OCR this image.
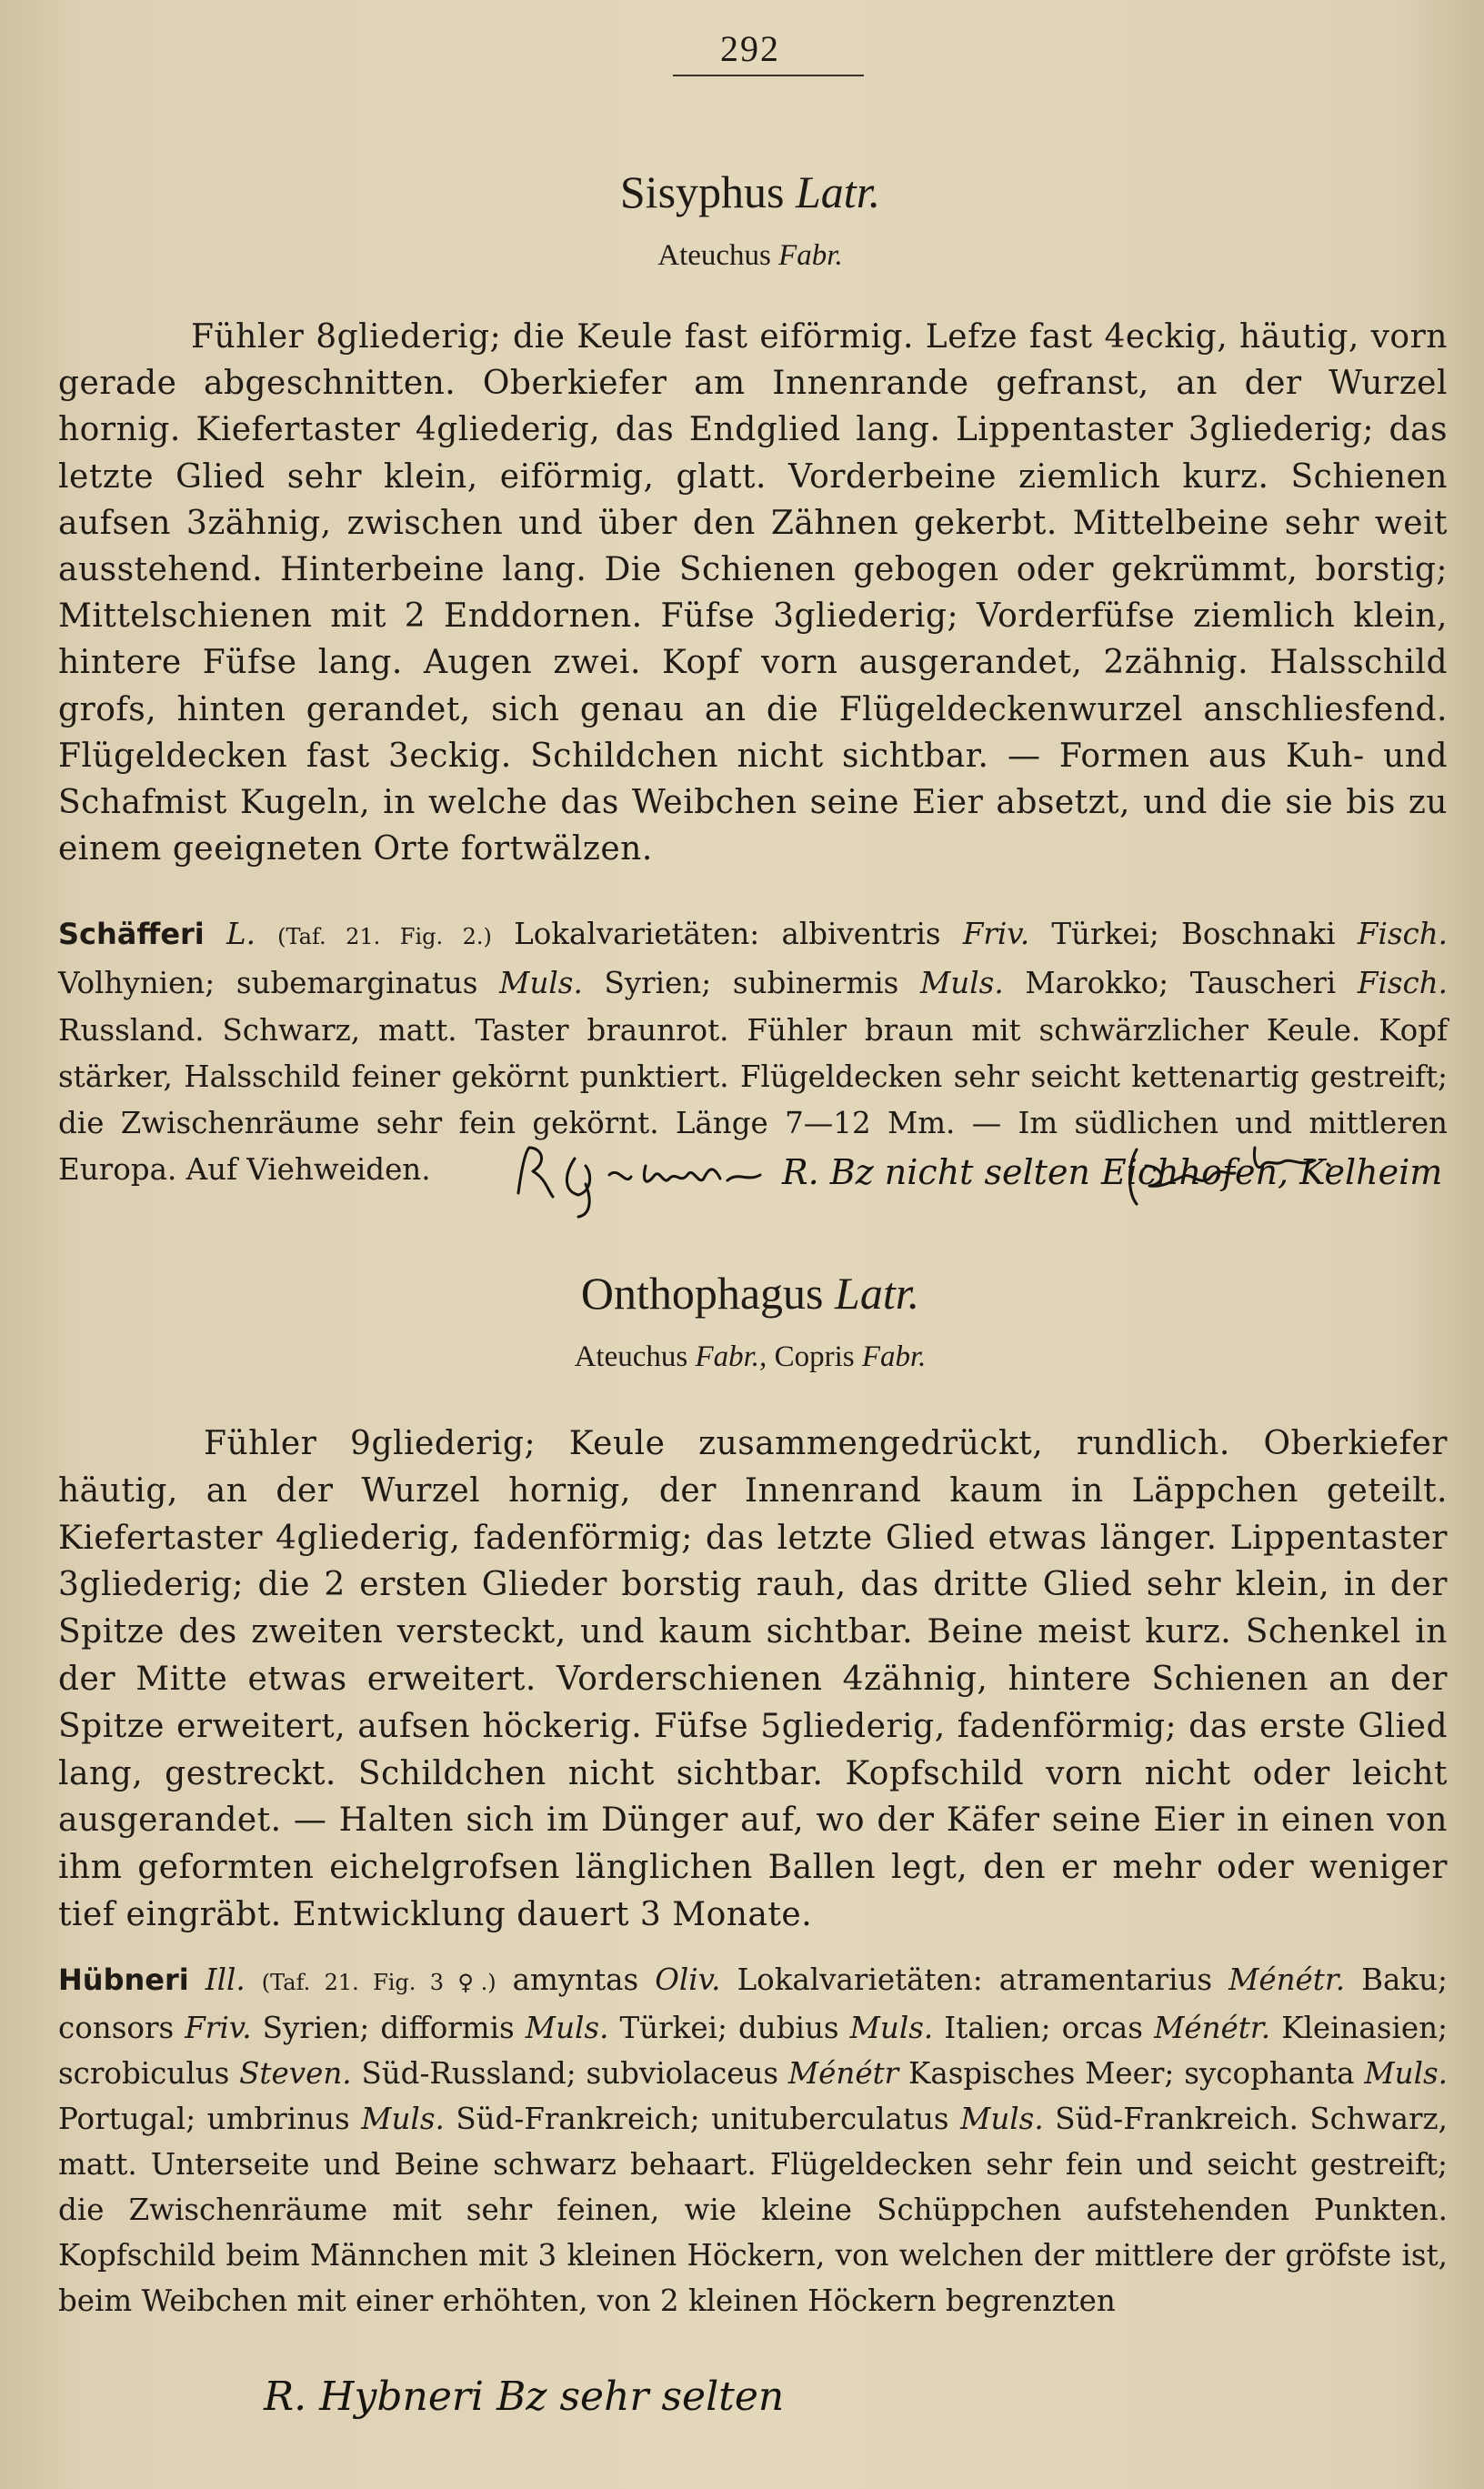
292
Sisyphus Latr.
Ateuchus Fabr.
Fühler 8gliederig; die Keule fast eiförmig. Lefze fast 4eckig, häutig, vorn gerade abgeschnitten. Oberkiefer am Innenrande gefranst, an der Wurzel hornig. Kiefertaster 4gliederig, das Endglied lang. Lippentaster 3gliederig; das letzte Glied sehr klein, eiförmig, glatt. Vorderbeine ziemlich kurz. Schienen aufsen 3zähnig, zwischen und über den Zähnen gekerbt. Mittelbeine sehr weit ausstehend. Hinterbeine lang. Die Schienen gebogen oder gekrümmt, borstig; Mittelschienen mit 2 Enddornen. Füfse 3gliederig; Vorderfüfse ziemlich klein, hintere Füfse lang. Augen zwei. Kopf vorn ausgerandet, 2zähnig. Halsschild grofs, hinten gerandet, sich genau an die Flügeldeckenwurzel anschliesfend. Flügeldecken fast 3eckig. Schildchen nicht sichtbar. — Formen aus Kuh- und Schafmist Kugeln, in welche das Weibchen seine Eier absetzt, und die sie bis zu einem geeigneten Orte fortwälzen.
Schäfferi L. (Taf. 21. Fig. 2.) Lokalvarietäten: albiventris Friv. Türkei; Boschnaki Fisch. Volhynien; subemarginatus Muls. Syrien; subinermis Muls. Marokko; Tauscheri Fisch. Russland. Schwarz, matt. Taster braunrot. Fühler braun mit schwärzlicher Keule. Kopf stärker, Halsschild feiner gekörnt punktiert. Flügeldecken sehr seicht kettenartig gestreift; die Zwischenräume sehr fein gekörnt. Länge 7—12 Mm. — Im südlichen und mittleren Europa. Auf Viehweiden.	R. Bz nicht selten Eichhofen, Kelheim
Onthophagus Latr.
Ateuchus Fabr., Copris Fabr.
Fühler 9gliederig; Keule zusammengedrückt, rundlich. Oberkiefer häutig, an der Wurzel hornig, der Innenrand kaum in Läppchen geteilt. Kiefertaster 4gliederig, fadenförmig; das letzte Glied etwas länger. Lippentaster 3gliederig; die 2 ersten Glieder borstig rauh, das dritte Glied sehr klein, in der Spitze des zweiten versteckt, und kaum sichtbar. Beine meist kurz. Schenkel in der Mitte etwas erweitert. Vorderschienen 4zähnig, hintere Schienen an der Spitze erweitert, aufsen höckerig. Füfse 5gliederig, fadenförmig; das erste Glied lang, gestreckt. Schildchen nicht sichtbar. Kopfschild vorn nicht oder leicht ausgerandet. — Halten sich im Dünger auf, wo der Käfer seine Eier in einen von ihm geformten eichelgrofsen länglichen Ballen legt, den er mehr oder weniger tief eingräbt. Entwicklung dauert 3 Monate.
Hübneri Ill. (Taf. 21. Fig. 3 ♀.) amyntas Oliv. Lokalvarietäten: atramentarius Ménétr. Baku; consors Friv. Syrien; difformis Muls. Türkei; dubius Muls. Italien; orcas Ménétr. Kleinasien; scrobiculus Steven. Süd-Russland; subviolaceus Ménétr Kaspisches Meer; sycophanta Muls. Portugal; umbrinus Muls. Süd-Frankreich; unituberculatus Muls. Süd-Frankreich. Schwarz, matt. Unterseite und Beine schwarz behaart. Flügeldecken sehr fein und seicht gestreift; die Zwischenräume mit sehr feinen, wie kleine Schüppchen aufstehenden Punkten. Kopfschild beim Männchen mit 3 kleinen Höckern, von welchen der mittlere der gröfste ist, beim Weibchen mit einer erhöhten, von 2 kleinen Höckern begrenzten
R. Hybneri Bz sehr selten
